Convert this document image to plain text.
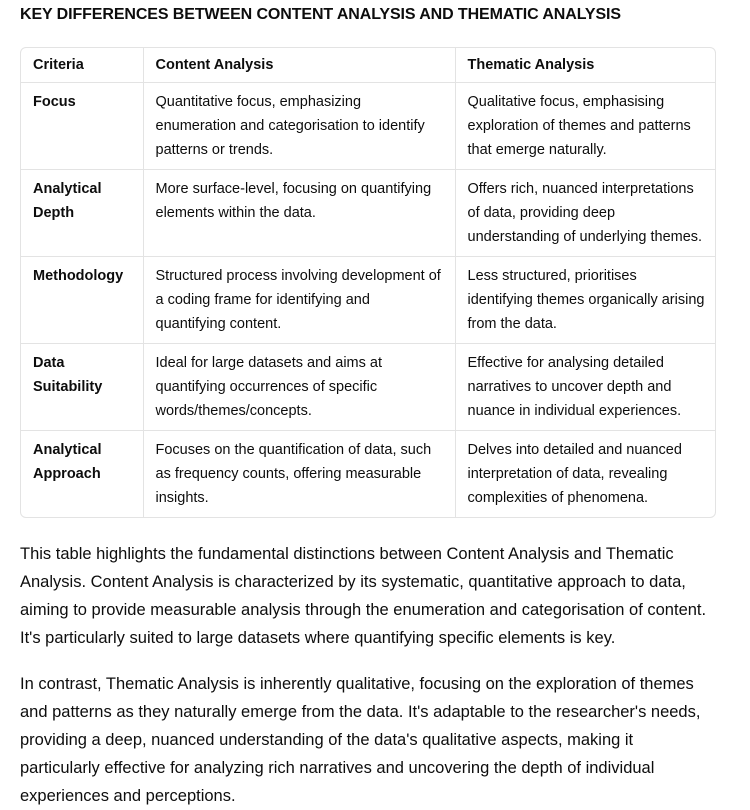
KEY DIFFERENCES BETWEEN CONTENT ANALYSIS AND THEMATIC ANALYSIS
Criteria	Content Analysis	Thematic Analysis
Focus	Quantitative focus, emphasizing enumeration and categorisation to identify patterns or trends.	Qualitative focus, emphasising exploration of themes and patterns that emerge naturally.
Analytical Depth	More surface-level, focusing on quantifying elements within the data.	Offers rich, nuanced interpretations of data, providing deep understanding of underlying themes.
Methodology	Structured process involving development of a coding frame for identifying and quantifying content.	Less structured, prioritises identifying themes organically arising from the data.
Data Suitability	Ideal for large datasets and aims at quantifying occurrences of specific words/themes/concepts.	Effective for analysing detailed narratives to uncover depth and nuance in individual experiences.
Analytical Approach	Focuses on the quantification of data, such as frequency counts, offering measurable insights.	Delves into detailed and nuanced interpretation of data, revealing complexities of phenomena.

This table highlights the fundamental distinctions between Content Analysis and Thematic Analysis. Content Analysis is characterized by its systematic, quantitative approach to data, aiming to provide measurable analysis through the enumeration and categorisation of content. It's particularly suited to large datasets where quantifying specific elements is key.

In contrast, Thematic Analysis is inherently qualitative, focusing on the exploration of themes and patterns as they naturally emerge from the data. It's adaptable to the researcher's needs, providing a deep, nuanced understanding of the data's qualitative aspects, making it particularly effective for analyzing rich narratives and uncovering the depth of individual experiences and perceptions.
